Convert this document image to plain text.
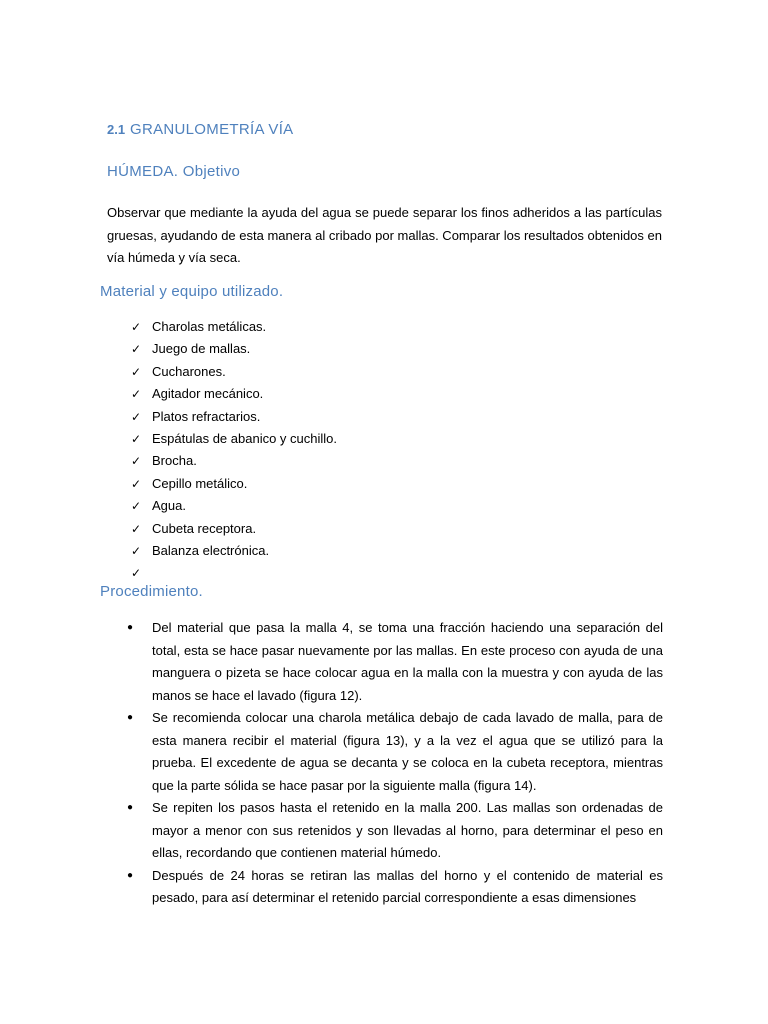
2.1 GRANULOMETRÍA VÍA
HÚMEDA. Objetivo

Observar que mediante la ayuda del agua se puede separar los finos adheridos a las partículas gruesas, ayudando de esta manera al cribado por mallas. Comparar los resultados obtenidos en vía húmeda y vía seca.

Material y equipo utilizado.
✓ Charolas metálicas.
✓ Juego de mallas.
✓ Cucharones.
✓ Agitador mecánico.
✓ Platos refractarios.
✓ Espátulas de abanico y cuchillo.
✓ Brocha.
✓ Cepillo metálico.
✓ Agua.
✓ Cubeta receptora.
✓ Balanza electrónica.
✓
Procedimiento.
● Del material que pasa la malla 4, se toma una fracción haciendo una separación del total, esta se hace pasar nuevamente por las mallas. En este proceso con ayuda de una manguera o pizeta se hace colocar agua en la malla con la muestra y con ayuda de las manos se hace el lavado (figura 12).
● Se recomienda colocar una charola metálica debajo de cada lavado de malla, para de esta manera recibir el material (figura 13), y a la vez el agua que se utilizó para la prueba. El excedente de agua se decanta y se coloca en la cubeta receptora, mientras que la parte sólida se hace pasar por la siguiente malla (figura 14).
● Se repiten los pasos hasta el retenido en la malla 200. Las mallas son ordenadas de mayor a menor con sus retenidos y son llevadas al horno, para determinar el peso en ellas, recordando que contienen material húmedo.
● Después de 24 horas se retiran las mallas del horno y el contenido de material es pesado, para así determinar el retenido parcial correspondiente a esas dimensiones
